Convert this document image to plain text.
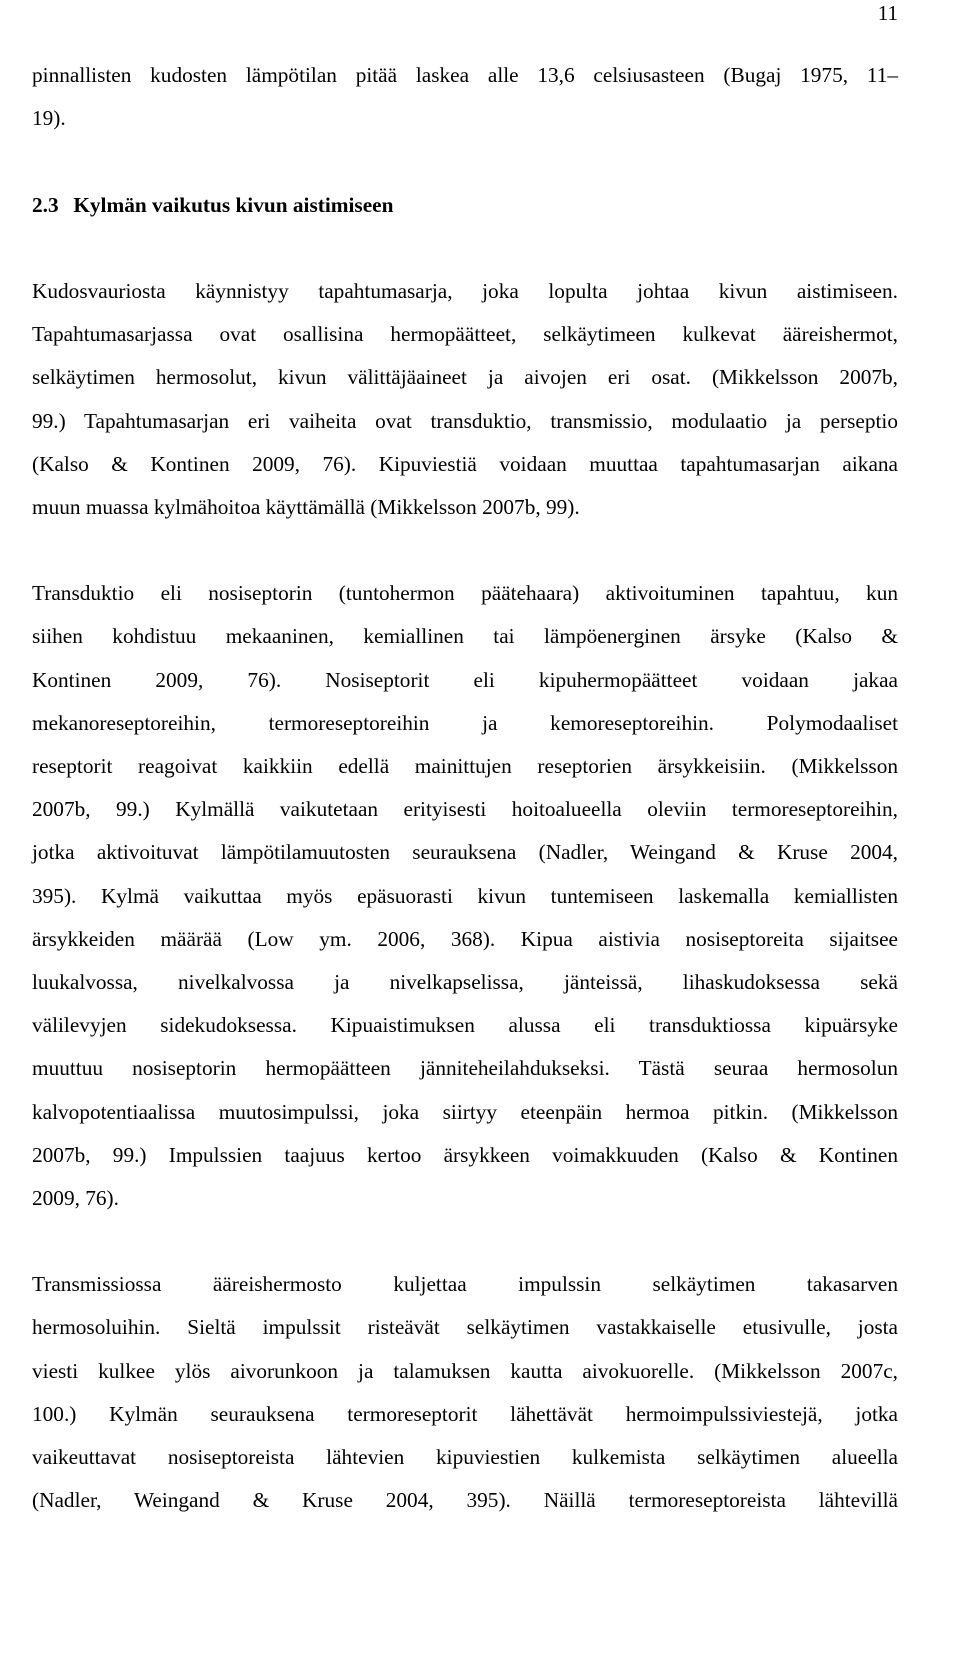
11
pinnallisten kudosten lämpötilan pitää laskea alle 13,6 celsiusasteen (Bugaj 1975, 11–
19).
2.3 Kylmän vaikutus kivun aistimiseen
Kudosvauriosta käynnistyy tapahtumasarja, joka lopulta johtaa kivun aistimiseen.
Tapahtumasarjassa ovat osallisina hermopäätteet, selkäytimeen kulkevat ääreishermot,
selkäytimen hermosolut, kivun välittäjäaineet ja aivojen eri osat. (Mikkelsson 2007b,
99.) Tapahtumasarjan eri vaiheita ovat transduktio, transmissio, modulaatio ja perseptio
(Kalso & Kontinen 2009, 76). Kipuviestiä voidaan muuttaa tapahtumasarjan aikana
muun muassa kylmähoitoa käyttämällä (Mikkelsson 2007b, 99).
Transduktio eli nosiseptorin (tuntohermon päätehaara) aktivoituminen tapahtuu, kun
siihen kohdistuu mekaaninen, kemiallinen tai lämpöenerginen ärsyke (Kalso &
Kontinen 2009, 76). Nosiseptorit eli kipuhermopäätteet voidaan jakaa
mekanoreseptoreihin, termoreseptoreihin ja kemoreseptoreihin. Polymodaaliset
reseptorit reagoivat kaikkiin edellä mainittujen reseptorien ärsykkeisiin. (Mikkelsson
2007b, 99.) Kylmällä vaikutetaan erityisesti hoitoalueella oleviin termoreseptoreihin,
jotka aktivoituvat lämpötilamuutosten seurauksena (Nadler, Weingand & Kruse 2004,
395). Kylmä vaikuttaa myös epäsuorasti kivun tuntemiseen laskemalla kemiallisten
ärsykkeiden määrää (Low ym. 2006, 368). Kipua aistivia nosiseptoreita sijaitsee
luukalvossa, nivelkalvossa ja nivelkapselissa, jänteissä, lihaskudoksessa sekä
välilevyjen sidekudoksessa. Kipuaistimuksen alussa eli transduktiossa kipuärsyke
muuttuu nosiseptorin hermopäätteen jänniteheilahdukseksi. Tästä seuraa hermosolun
kalvopotentiaalissa muutosimpulssi, joka siirtyy eteenpäin hermoa pitkin. (Mikkelsson
2007b, 99.) Impulssien taajuus kertoo ärsykkeen voimakkuuden (Kalso & Kontinen
2009, 76).
Transmissiossa ääreishermosto kuljettaa impulssin selkäytimen takasarven
hermosoluihin. Sieltä impulssit risteävät selkäytimen vastakkaiselle etusivulle, josta
viesti kulkee ylös aivorunkoon ja talamuksen kautta aivokuorelle. (Mikkelsson 2007c,
100.) Kylmän seurauksena termoreseptorit lähettävät hermoimpulssiviestejä, jotka
vaikeuttavat nosiseptoreista lähtevien kipuviestien kulkemista selkäytimen alueella
(Nadler, Weingand & Kruse 2004, 395). Näillä termoreseptoreista lähtevillä
